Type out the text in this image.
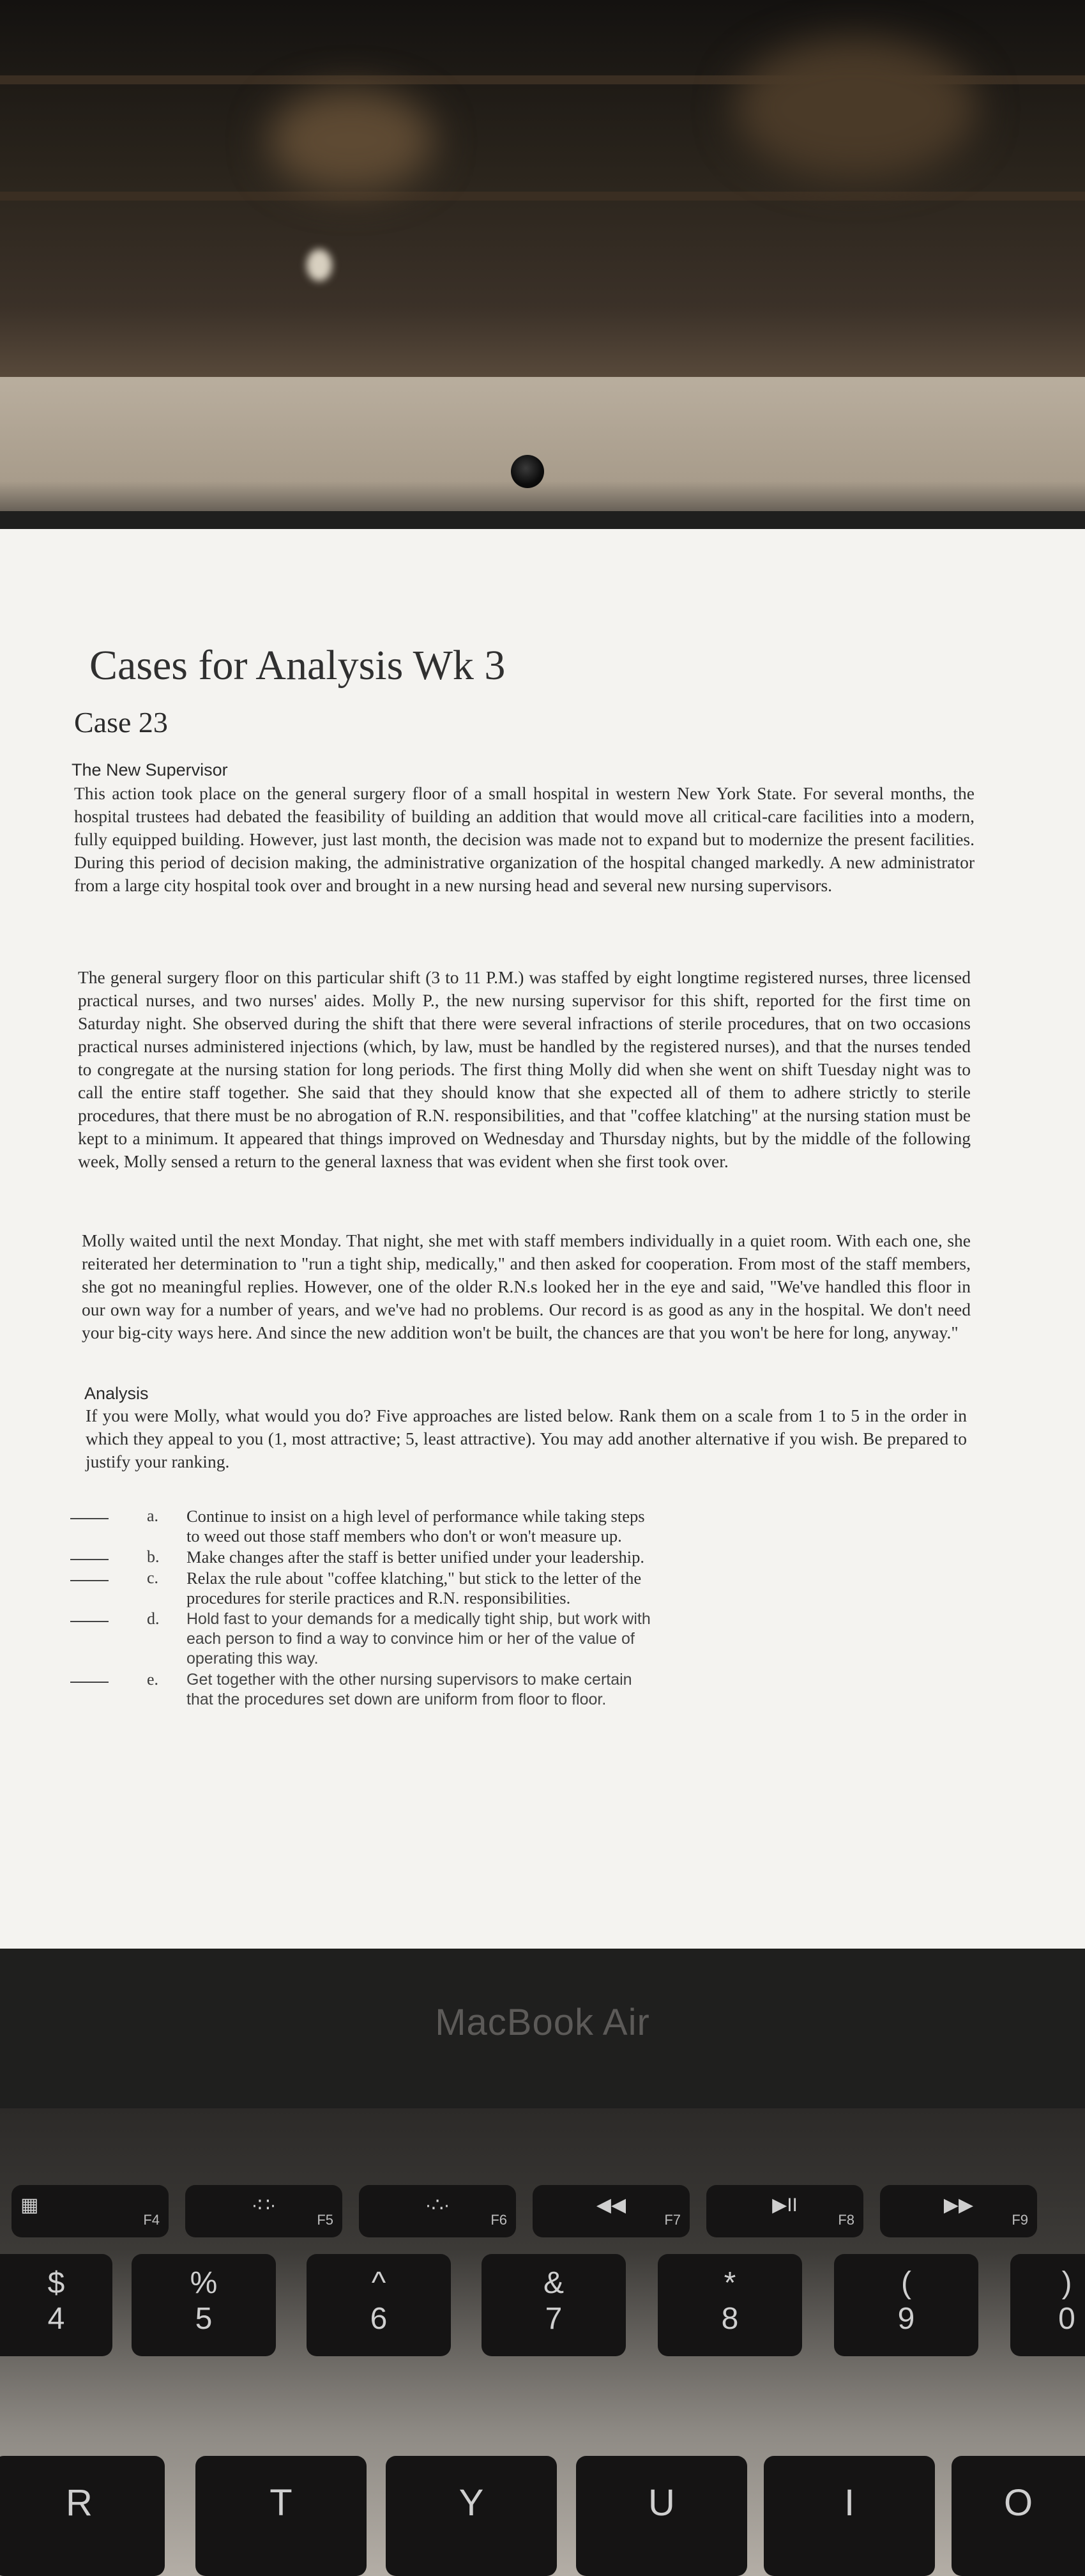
Cases for Analysis Wk 3
Case 23
The New Supervisor
This action took place on the general surgery floor of a small hospital in western New York State. For several months, the hospital trustees had debated the feasibility of building an addition that would move all critical-care facilities into a modern, fully equipped building. However, just last month, the decision was made not to expand but to modernize the present facilities. During this period of decision making, the administrative organization of the hospital changed markedly. A new administrator from a large city hospital took over and brought in a new nursing head and several new nursing supervisors.
The general surgery floor on this particular shift (3 to 11 P.M.) was staffed by eight longtime registered nurses, three licensed practical nurses, and two nurses' aides. Molly P., the new nursing supervisor for this shift, reported for the first time on Saturday night. She observed during the shift that there were several infractions of sterile procedures, that on two occasions practical nurses administered injections (which, by law, must be handled by the registered nurses), and that the nurses tended to congregate at the nursing station for long periods. The first thing Molly did when she went on shift Tuesday night was to call the entire staff together. She said that they should know that she expected all of them to adhere strictly to sterile procedures, that there must be no abrogation of R.N. responsibilities, and that "coffee klatching" at the nursing station must be kept to a minimum. It appeared that things improved on Wednesday and Thursday nights, but by the middle of the following week, Molly sensed a return to the general laxness that was evident when she first took over.
Molly waited until the next Monday. That night, she met with staff members individually in a quiet room. With each one, she reiterated her determination to "run a tight ship, medically," and then asked for cooperation. From most of the staff members, she got no meaningful replies. However, one of the older R.N.s looked her in the eye and said, "We've handled this floor in our own way for a number of years, and we've had no problems. Our record is as good as any in the hospital. We don't need your big-city ways here. And since the new addition won't be built, the chances are that you won't be here for long, anyway."
Analysis
If you were Molly, what would you do? Five approaches are listed below. Rank them on a scale from 1 to 5 in the order in which they appeal to you (1, most attractive; 5, least attractive). You may add another alternative if you wish. Be prepared to justify your ranking.
a. Continue to insist on a high level of performance while taking steps to weed out those staff members who don't or won't measure up.
b. Make changes after the staff is better unified under your leadership.
c. Relax the rule about "coffee klatching," but stick to the letter of the procedures for sterile practices and R.N. responsibilities.
d. Hold fast to your demands for a medically tight ship, but work with each person to find a way to convince him or her of the value of operating this way.
e. Get together with the other nursing supervisors to make certain that the procedures set down are uniform from floor to floor.
MacBook Air
▦
F4
·∷·
F5
·∴·
F6
◀◀
F7
▶II
F8
▶▶
F9
$
4
%
5
^
6
&
7
*
8
(
9
)
0
R	T	Y	U	I	O
